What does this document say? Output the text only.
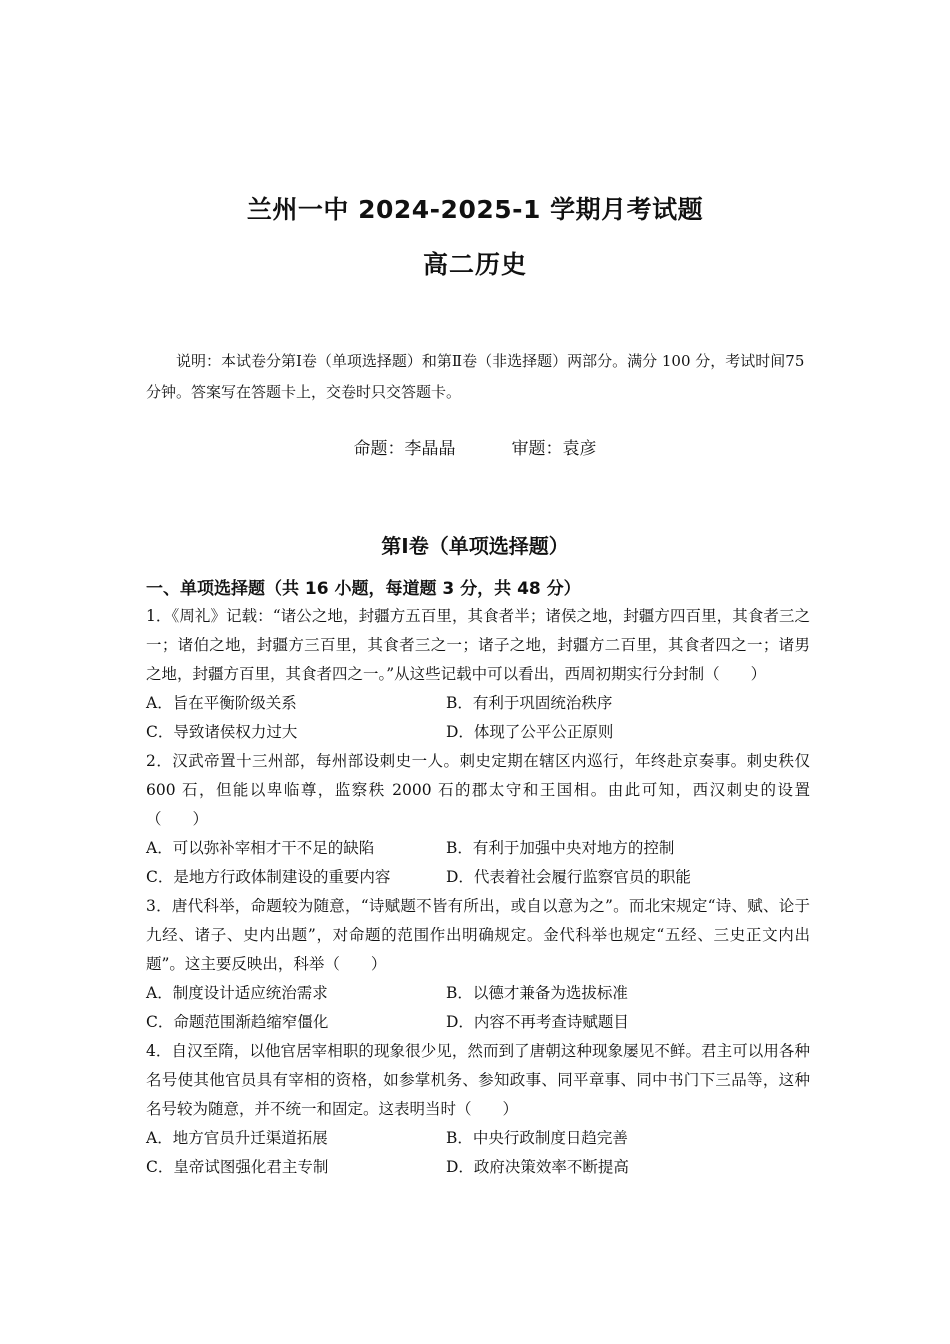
兰州一中 2024-2025-1 学期月考试题
高二历史

说明：本试卷分第Ⅰ卷（单项选择题）和第Ⅱ卷（非选择题）两部分。满分 100 分，考试时间75分钟。答案写在答题卡上，交卷时只交答题卡。

命题：李晶晶	审题：袁彦
第Ⅰ卷（单项选择题）
一、单项选择题（共 16 小题，每道题 3 分，共 48 分）

1．《周礼》记载：“诸公之地，封疆方五百里，其食者半；诸侯之地，封疆方四百里，其食者三之一；诸伯之地，封疆方三百里，其食者三之一；诸子之地，封疆方二百里，其食者四之一；诸男之地，封疆方百里，其食者四之一。”从这些记载中可以看出，西周初期实行分封制（　　）

A．旨在平衡阶级关系	B．有利于巩固统治秩序
C．导致诸侯权力过大	D．体现了公平公正原则

2．汉武帝置十三州部，每州部设刺史一人。刺史定期在辖区内巡行，年终赴京奏事。刺史秩仅 600 石，但能以卑临尊，监察秩 2000 石的郡太守和王国相。由此可知，西汉刺史的设置（　　）

A．可以弥补宰相才干不足的缺陷	B．有利于加强中央对地方的控制
C．是地方行政体制建设的重要内容	D．代表着社会履行监察官员的职能

3．唐代科举，命题较为随意，“诗赋题不皆有所出，或自以意为之”。而北宋规定“诗、赋、论于九经、诸子、史内出题”，对命题的范围作出明确规定。金代科举也规定“五经、三史正文内出题”。这主要反映出，科举（　　）

A．制度设计适应统治需求	B．以德才兼备为选拔标准
C．命题范围渐趋缩窄僵化	D．内容不再考查诗赋题目

4．自汉至隋，以他官居宰相职的现象很少见，然而到了唐朝这种现象屡见不鲜。君主可以用各种名号使其他官员具有宰相的资格，如参掌机务、参知政事、同平章事、同中书门下三品等，这种名号较为随意，并不统一和固定。这表明当时（　　）

A．地方官员升迁渠道拓展	B．中央行政制度日趋完善
C．皇帝试图强化君主专制	D．政府决策效率不断提高
